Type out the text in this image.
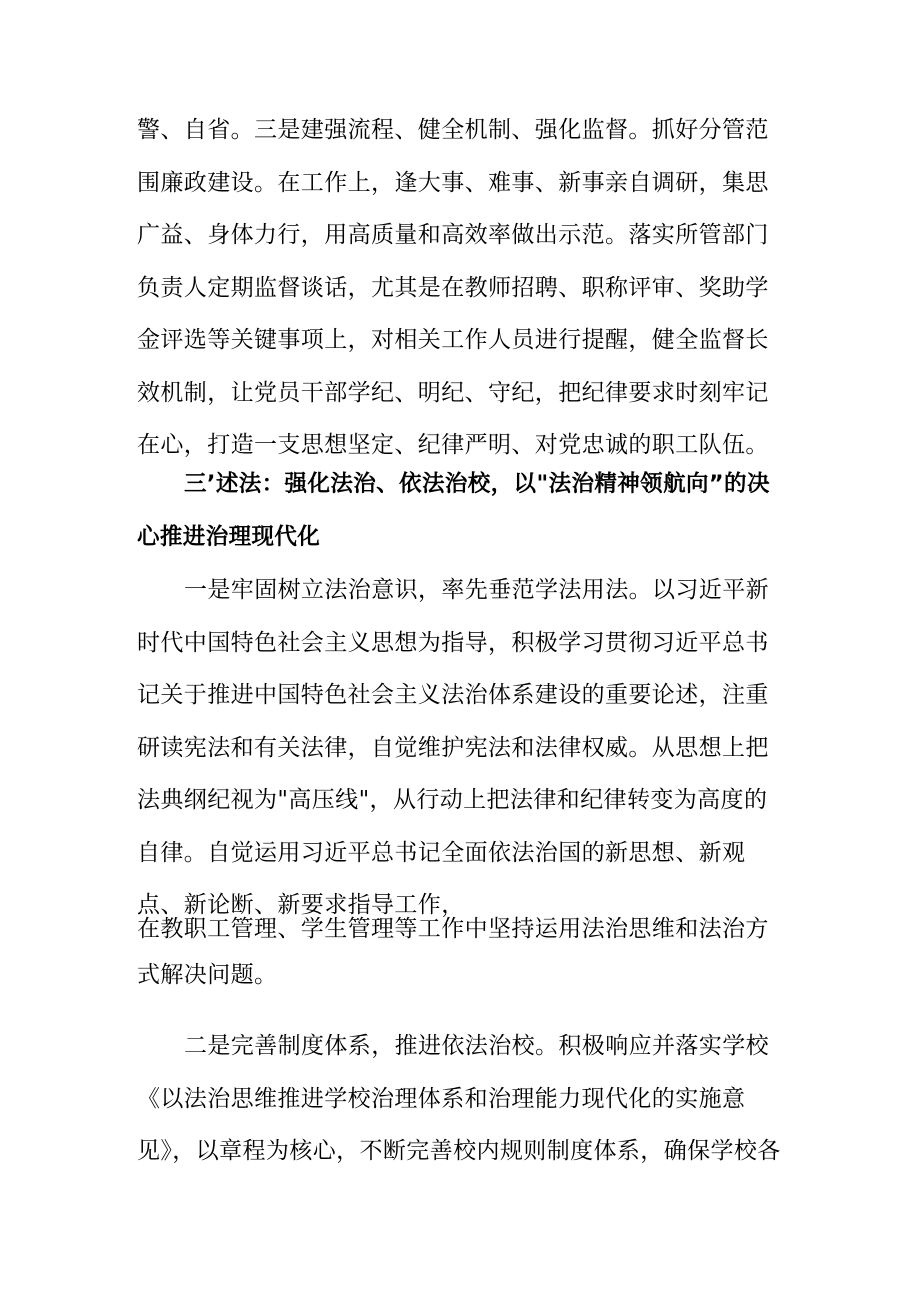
警、自省。三是建强流程、健全机制、强化监督。抓好分管范围廉政建设。在工作上，逢大事、难事、新事亲自调研，集思广益、身体力行，用高质量和高效率做出示范。落实所管部门负责人定期监督谈话，尤其是在教师招聘、职称评审、奖助学金评选等关键事项上，对相关工作人员进行提醒，健全监督长效机制，让党员干部学纪、明纪、守纪，把纪律要求时刻牢记在心，打造一支思想坚定、纪律严明、对党忠诚的职工队伍。

三’述法：强化法治、依法治校，以"法治精神领航向”的决心推进治理现代化

一是牢固树立法治意识，率先垂范学法用法。以习近平新时代中国特色社会主义思想为指导，积极学习贯彻习近平总书记关于推进中国特色社会主义法治体系建设的重要论述，注重研读宪法和有关法律，自觉维护宪法和法律权威。从思想上把法典纲纪视为"高压线"，从行动上把法律和纪律转变为高度的自律。自觉运用习近平总书记全面依法治国的新思想、新观点、新论断、新要求指导工作，

在教职工管理、学生管理等工作中坚持运用法治思维和法治方式解决问题。

二是完善制度体系，推进依法治校。积极响应并落实学校《以法治思维推进学校治理体系和治理能力现代化的实施意见》，以章程为核心，不断完善校内规则制度体系，确保学校各
